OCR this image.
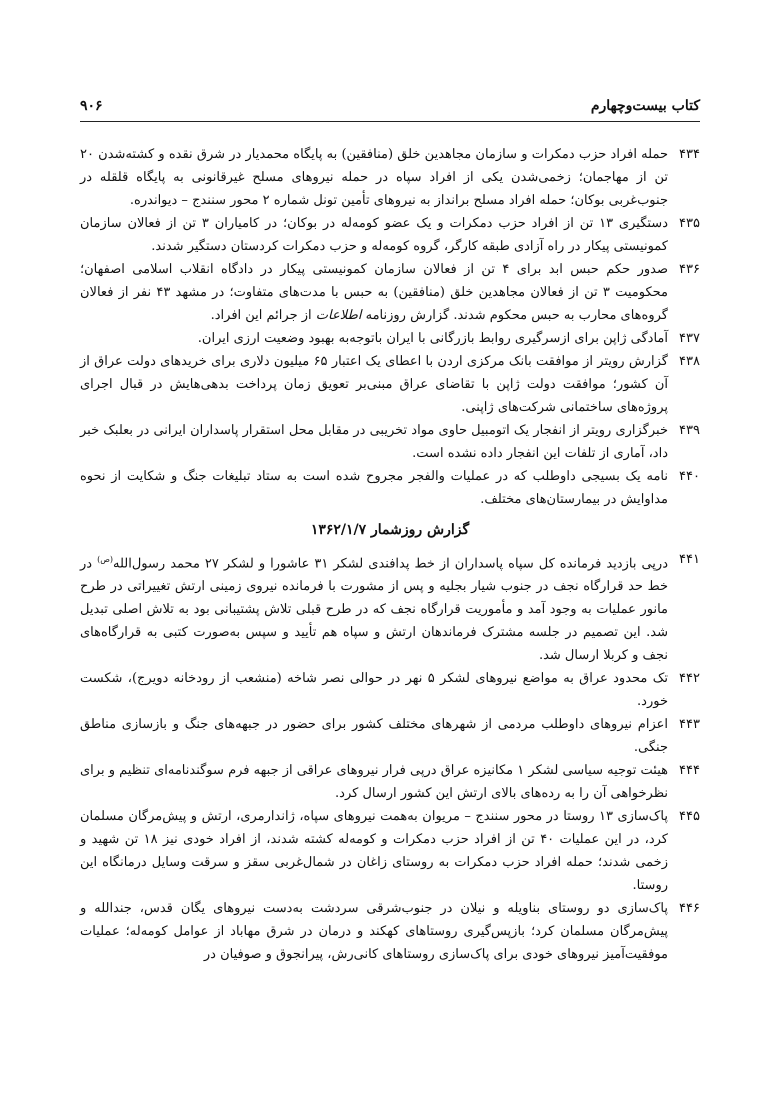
کتاب بیست‌وچهارم
۹۰۶
۴۳۴
حمله افراد حزب دمکرات و سازمان مجاهدین خلق (منافقین) به پایگاه محمدیار در شرق نقده و کشته‌شدن ۲۰ تن از مهاجمان؛ زخمی‌شدن یکی از افراد سپاه در حمله نیروهای مسلح غیرقانونی به پایگاه قلقله در جنوب‌غربی بوکان؛ حمله افراد مسلح برانداز به نیروهای تأمین تونل شماره ۲ محور سنندج – دیواندره.
۴۳۵
دستگیری ۱۳ تن از افراد حزب دمکرات و یک عضو کومه‌له در بوکان؛ در کامیاران ۳ تن از فعالان سازمان کمونیستی پیکار در راه آزادی طبقه کارگر، گروه کومه‌له و حزب دمکرات کردستان دستگیر شدند.
۴۳۶
صدور حکم حبس ابد برای ۴ تن از فعالان سازمان کمونیستی پیکار در دادگاه انقلاب اسلامی اصفهان؛ محکومیت ۳ تن از فعالان مجاهدین خلق (منافقین) به حبس با مدت‌های متفاوت؛ در مشهد ۴۳ نفر از فعالان گروه‌های محارب به حبس محکوم شدند. گزارش روزنامه اطلاعات از جرائم این افراد.
۴۳۷
آمادگی ژاپن برای ازسرگیری روابط بازرگانی با ایران باتوجه‌به بهبود وضعیت ارزی ایران.
۴۳۸
گزارش رویتر از موافقت بانک مرکزی اردن با اعطای یک اعتبار ۶۵ میلیون دلاری برای خریدهای دولت عراق از آن کشور؛ موافقت دولت ژاپن با تقاضای عراق مبنی‌بر تعویق زمان پرداخت بدهی‌هایش در قبال اجرای پروژه‌های ساختمانی شرکت‌های ژاپنی.
۴۳۹
خبرگزاری رویتر از انفجار یک اتومبیل حاوی مواد تخریبی در مقابل محل استقرار پاسداران ایرانی در بعلبک خبر داد، آماری از تلفات این انفجار داده نشده است.
۴۴۰
نامه یک بسیجی داوطلب که در عملیات والفجر مجروح شده است به ستاد تبلیغات جنگ و شکایت از نحوه مداوایش در بیمارستان‌های مختلف.
گزارش روزشمار ۱۳۶۲/۱/۷
۴۴۱
درپی بازدید فرمانده کل سپاه پاسداران از خط پدافندی لشکر ۳۱ عاشورا و لشکر ۲۷ محمد رسول‌الله$^{(ص)}$ در خط حد قرارگاه نجف در جنوب شیار بجلیه و پس از مشورت با فرمانده نیروی زمینی ارتش تغییراتی در طرح مانور عملیات به وجود آمد و مأموریت قرارگاه نجف که در طرح قبلی تلاش پشتیبانی بود به تلاش اصلی تبدیل شد. این تصمیم در جلسه مشترک فرماندهان ارتش و سپاه هم تأیید و سپس به‌صورت کتبی به قرارگاه‌های نجف و کربلا ارسال شد.
۴۴۲
تک محدود عراق به مواضع نیروهای لشکر ۵ نهر در حوالی نصر شاخه (منشعب از رودخانه دویرج)، شکست خورد.
۴۴۳
اعزام نیروهای داوطلب مردمی از شهرهای مختلف کشور برای حضور در جبهه‌های جنگ و بازسازی مناطق جنگی.
۴۴۴
هیئت توجیه سیاسی لشکر ۱ مکانیزه عراق درپی فرار نیروهای عراقی از جبهه فرم سوگندنامه‌ای تنظیم و برای نظرخواهی آن را به رده‌های بالای ارتش این کشور ارسال کرد.
۴۴۵
پاک‌سازی ۱۳ روستا در محور سنندج – مریوان به‌همت نیروهای سپاه، ژاندارمری، ارتش و پیش‌مرگان مسلمان کرد، در این عملیات ۴۰ تن از افراد حزب دمکرات و کومه‌له کشته شدند، از افراد خودی نیز ۱۸ تن شهید و زخمی شدند؛ حمله افراد حزب دمکرات به روستای زاغان در شمال‌غربی سقز و سرقت وسایل درمانگاه این روستا.
۴۴۶
پاک‌سازی دو روستای بناویله و نیلان در جنوب‌شرقی سردشت به‌دست نیروهای یگان قدس، جندالله و پیش‌مرگان مسلمان کرد؛ بازپس‌گیری روستاهای کهکند و درمان در شرق مهاباد از عوامل کومه‌له؛ عملیات موفقیت‌آمیز نیروهای خودی برای پاک‌سازی روستاهای کانی‌رش، پیرانجوق و صوفیان در
